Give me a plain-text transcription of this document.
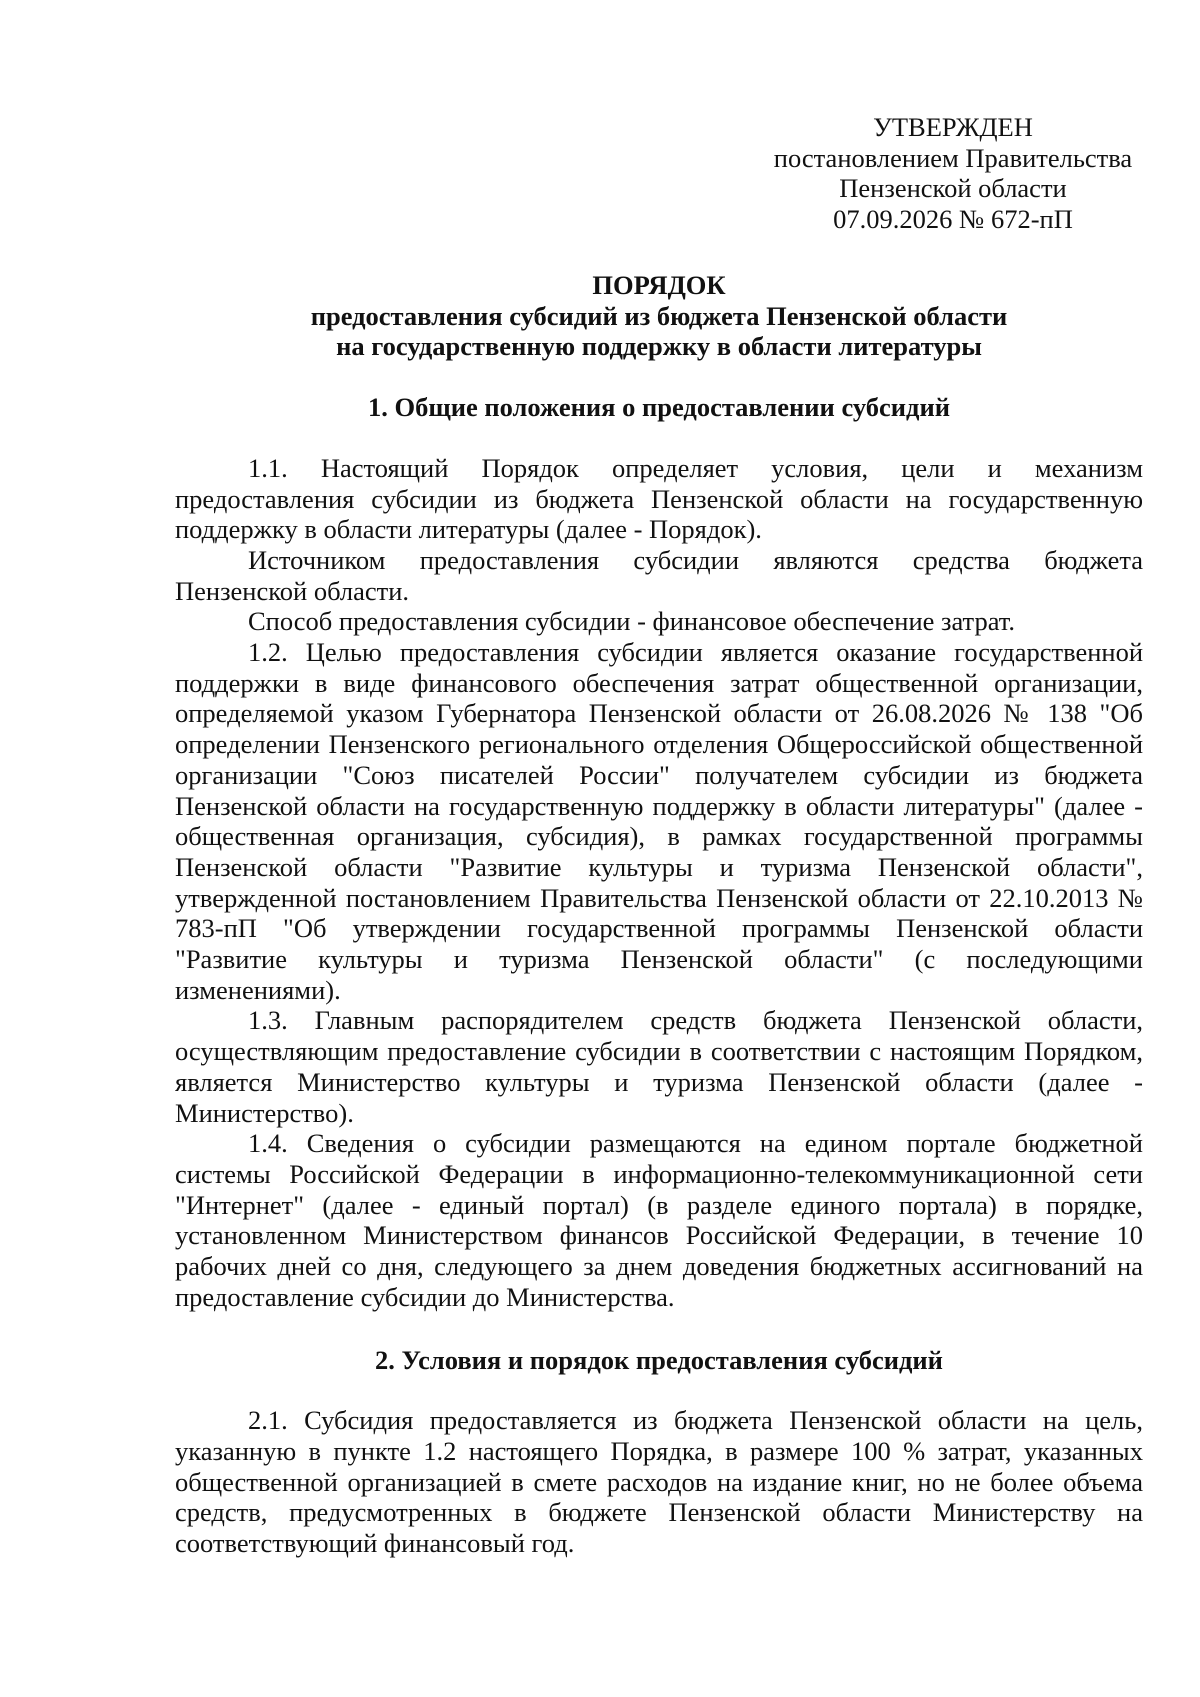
УТВЕРЖДЕН
постановлением Правительства
Пензенской области
07.09.2026 № 672-пП
ПОРЯДОК
предоставления субсидий из бюджета Пензенской области
на государственную поддержку в области литературы
1. Общие положения о предоставлении субсидий

1.1. Настоящий Порядок определяет условия, цели и механизм предоставления субсидии из бюджета Пензенской области на государственную поддержку в области литературы (далее - Порядок).

Источником предоставления субсидии являются средства бюджета Пензенской области.

Способ предоставления субсидии - финансовое обеспечение затрат.

1.2. Целью предоставления субсидии является оказание государственной поддержки в виде финансового обеспечения затрат общественной организации, определяемой указом Губернатора Пензенской области от 26.08.2026 № 138 "Об определении Пензенского регионального отделения Общероссийской общественной организации "Союз писателей России" получателем субсидии из бюджета Пензенской области на государственную поддержку в области литературы" (далее - общественная организация, субсидия), в рамках государственной программы Пензенской области "Развитие культуры и туризма Пензенской области", утвержденной постановлением Правительства Пензенской области от 22.10.2013 № 783-пП "Об утверждении государственной программы Пензенской области "Развитие культуры и туризма Пензенской области" (с последующими изменениями).

1.3. Главным распорядителем средств бюджета Пензенской области, осуществляющим предоставление субсидии в соответствии с настоящим Порядком, является Министерство культуры и туризма Пензенской области (далее - Министерство).

1.4. Сведения о субсидии размещаются на едином портале бюджетной системы Российской Федерации в информационно-телекоммуникационной сети "Интернет" (далее - единый портал) (в разделе единого портала) в порядке, установленном Министерством финансов Российской Федерации, в течение 10 рабочих дней со дня, следующего за днем доведения бюджетных ассигнований на предоставление субсидии до Министерства.

2. Условия и порядок предоставления субсидий

2.1. Субсидия предоставляется из бюджета Пензенской области на цель, указанную в пункте 1.2 настоящего Порядка, в размере 100 % затрат, указанных общественной организацией в смете расходов на издание книг, но не более объема средств, предусмотренных в бюджете Пензенской области Министерству на соответствующий финансовый год.
